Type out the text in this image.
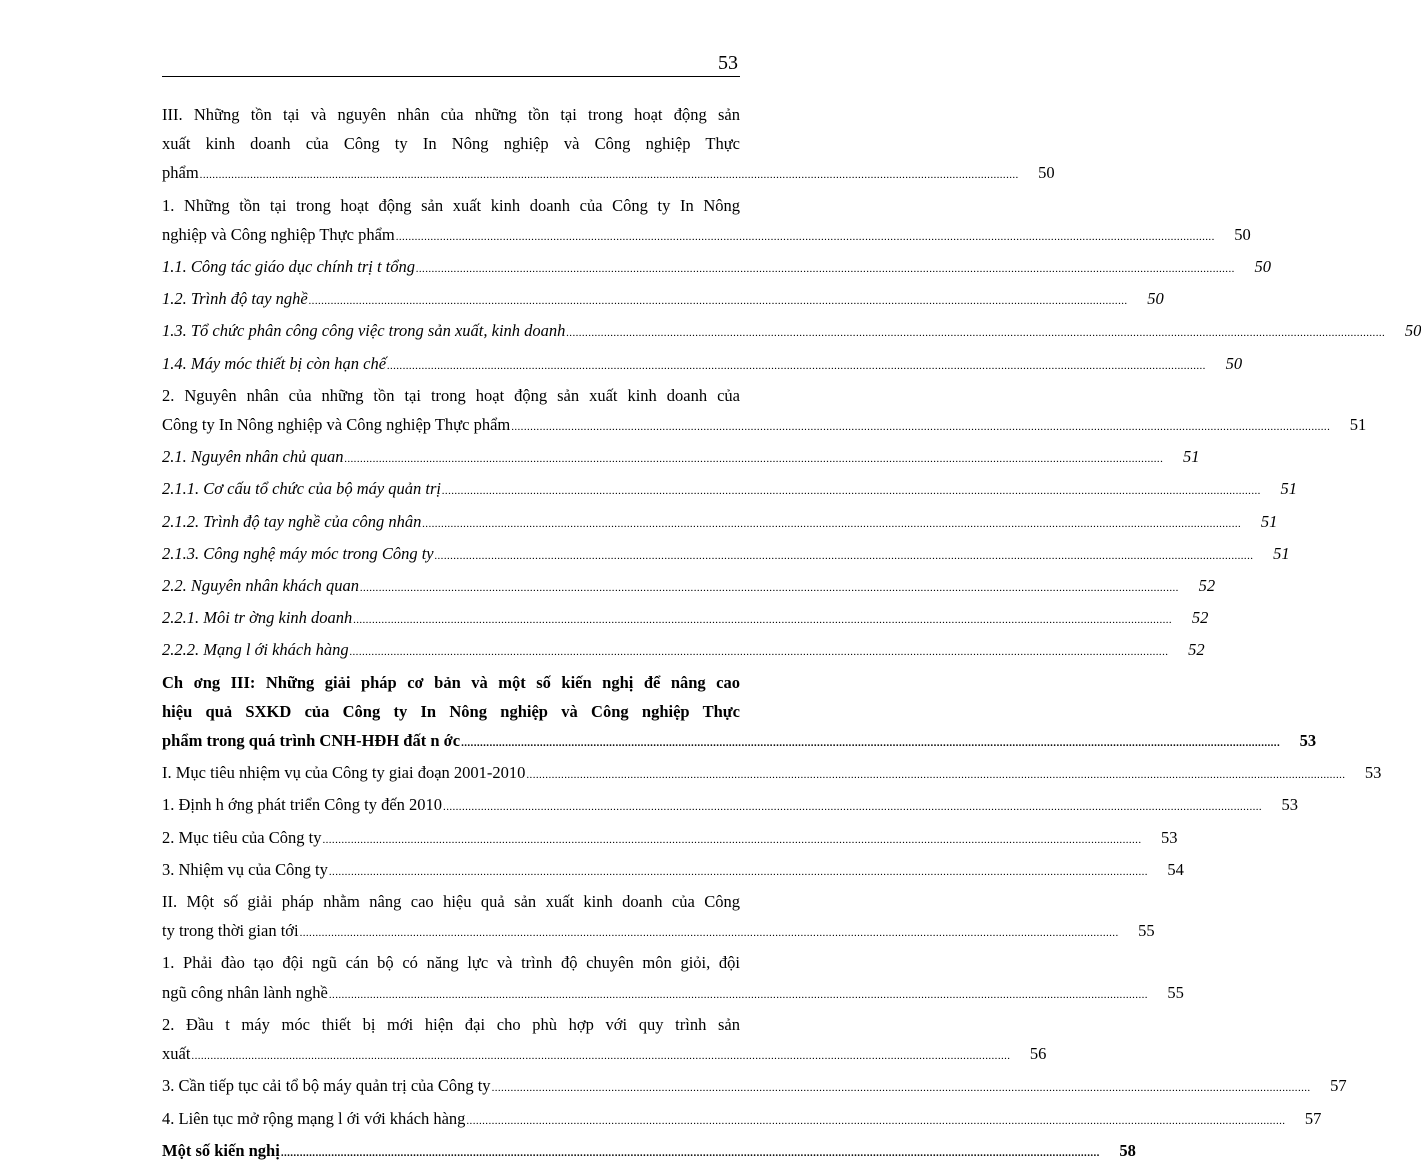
53
III. Những tồn tại và nguyên nhân của những tồn tại trong hoạt động sản
xuất kinh doanh của Công ty In Nông nghiệp và Công nghiệp Thực
phẩm ....................................................................................................................................................................................................................................................................	50
1. Những tồn tại trong hoạt động sản xuất kinh doanh của Công ty In Nông
nghiệp và Công nghiệp Thực phẩm ....................................................................................................................................................................................................................................................................	50
1.1. Công tác giáo dục chính trị t tổng ....................................................................................................................................................................................................................................................................	50
1.2. Trình độ tay nghề ....................................................................................................................................................................................................................................................................	50
1.3. Tổ chức phân công công việc trong sản xuất, kinh doanh ....................................................................................................................................................................................................................................................................	50
1.4. Máy móc thiết bị còn hạn chế ....................................................................................................................................................................................................................................................................	50
2. Nguyên nhân của những tồn tại trong hoạt động sản xuất kinh doanh của
Công ty In Nông nghiệp và Công nghiệp Thực phẩm ....................................................................................................................................................................................................................................................................	51
2.1. Nguyên nhân chủ quan ....................................................................................................................................................................................................................................................................	51
2.1.1. Cơ cấu tổ chức của bộ máy quản trị ....................................................................................................................................................................................................................................................................	51
2.1.2. Trình độ tay nghề của công nhân ....................................................................................................................................................................................................................................................................	51
2.1.3. Công nghệ máy móc trong Công ty ....................................................................................................................................................................................................................................................................	51
2.2. Nguyên nhân khách quan ....................................................................................................................................................................................................................................................................	52
2.2.1. Môi tr ờng kinh doanh ....................................................................................................................................................................................................................................................................	52
2.2.2. Mạng l ới khách hàng ....................................................................................................................................................................................................................................................................	52
Ch ơng III: Những giải pháp cơ bản và một số kiến nghị để nâng cao
hiệu quả SXKD của Công ty In Nông nghiệp và Công nghiệp Thực
phẩm trong quá trình CNH-HĐH đất n ớc ....................................................................................................................................................................................................................................................................	53
I. Mục tiêu nhiệm vụ của Công ty giai đoạn 2001-2010 ....................................................................................................................................................................................................................................................................	53
1. Định h ớng phát triển Công ty đến 2010 ....................................................................................................................................................................................................................................................................	53
2. Mục tiêu của Công ty ....................................................................................................................................................................................................................................................................	53
3. Nhiệm vụ của Công ty ....................................................................................................................................................................................................................................................................	54
II. Một số giải pháp nhằm nâng cao hiệu quả sản xuất kinh doanh của Công
ty trong thời gian tới ....................................................................................................................................................................................................................................................................	55
1. Phải đào tạo đội ngũ cán bộ có năng lực và trình độ chuyên môn giỏi, đội
ngũ công nhân lành nghề ....................................................................................................................................................................................................................................................................	55
2. Đầu t máy móc thiết bị mới hiện đại cho phù hợp với quy trình sản
xuất ....................................................................................................................................................................................................................................................................	56
3. Cần tiếp tục cải tổ bộ máy quản trị của Công ty ....................................................................................................................................................................................................................................................................	57
4. Liên tục mở rộng mạng l ới với khách hàng ....................................................................................................................................................................................................................................................................	57
Một số kiến nghị ....................................................................................................................................................................................................................................................................	58
